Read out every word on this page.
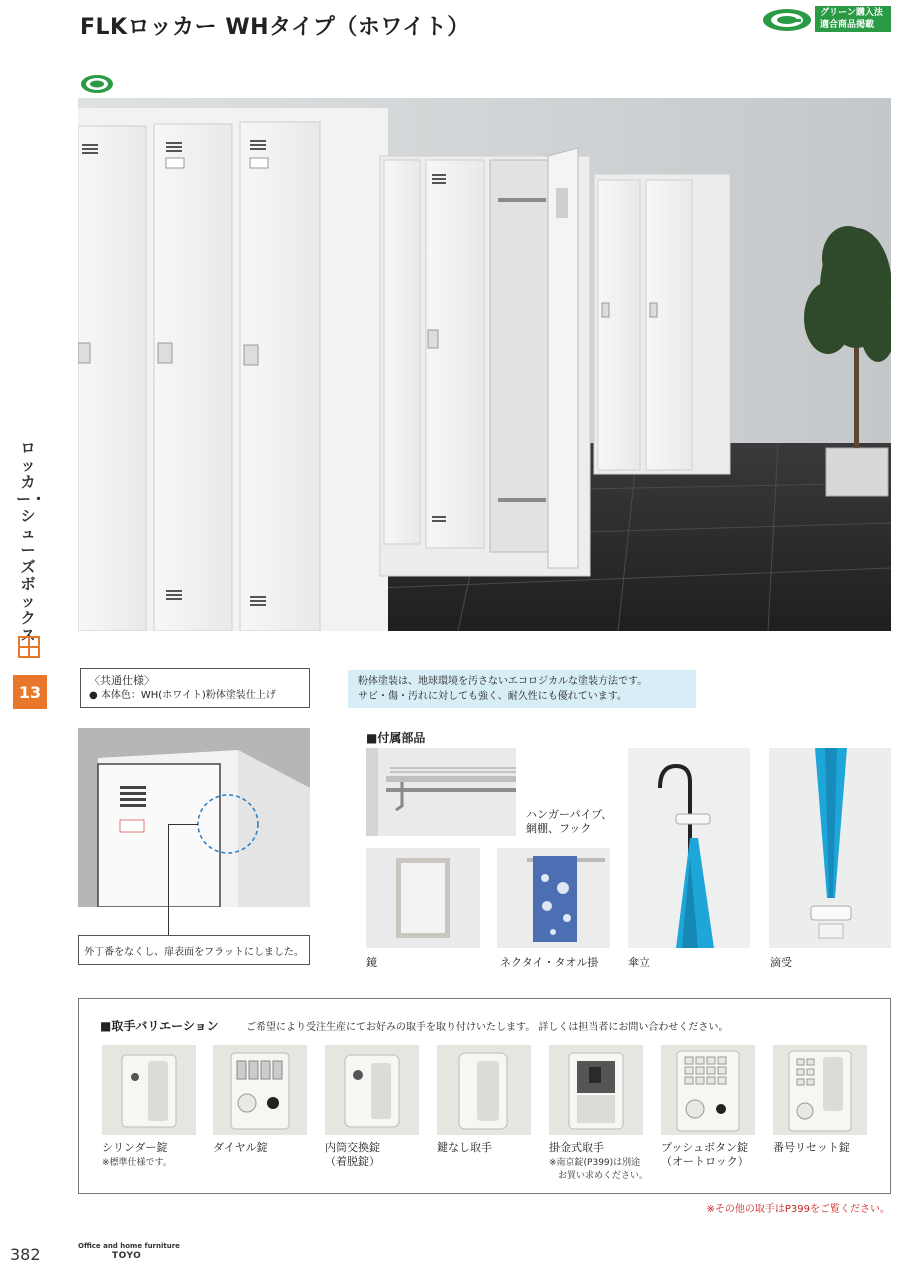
FLKロッカー WHタイプ（ホワイト）
グリーン購入法
適合商品掲載
ロッカー・シューズボックス
13
〈共通仕様〉
● 本体色：WH(ホワイト)粉体塗装仕上げ
粉体塗装は、地球環境を汚さないエコロジカルな塗装方法です。
サビ・傷・汚れに対しても強く、耐久性にも優れています。
外丁番をなくし、扉表面をフラットにしました。
■付属部品
ハンガーパイプ、
網棚、フック
鏡	ネクタイ・タオル掛	傘立	滴受
■取手バリエーション	ご希望により受注生産にてお好みの取手を取り付けいたします。 詳しくは担当者にお問い合わせください。
シリンダー錠
※標準仕様です。
ダイヤル錠	内筒交換錠
（着脱錠）
鍵なし取手	掛金式取手
※南京錠(P399)は別途
お買い求めください。
プッシュボタン錠
（オートロック）
番号リセット錠
※その他の取手はP399をご覧ください。
382	Office and home furniture
TOYO
